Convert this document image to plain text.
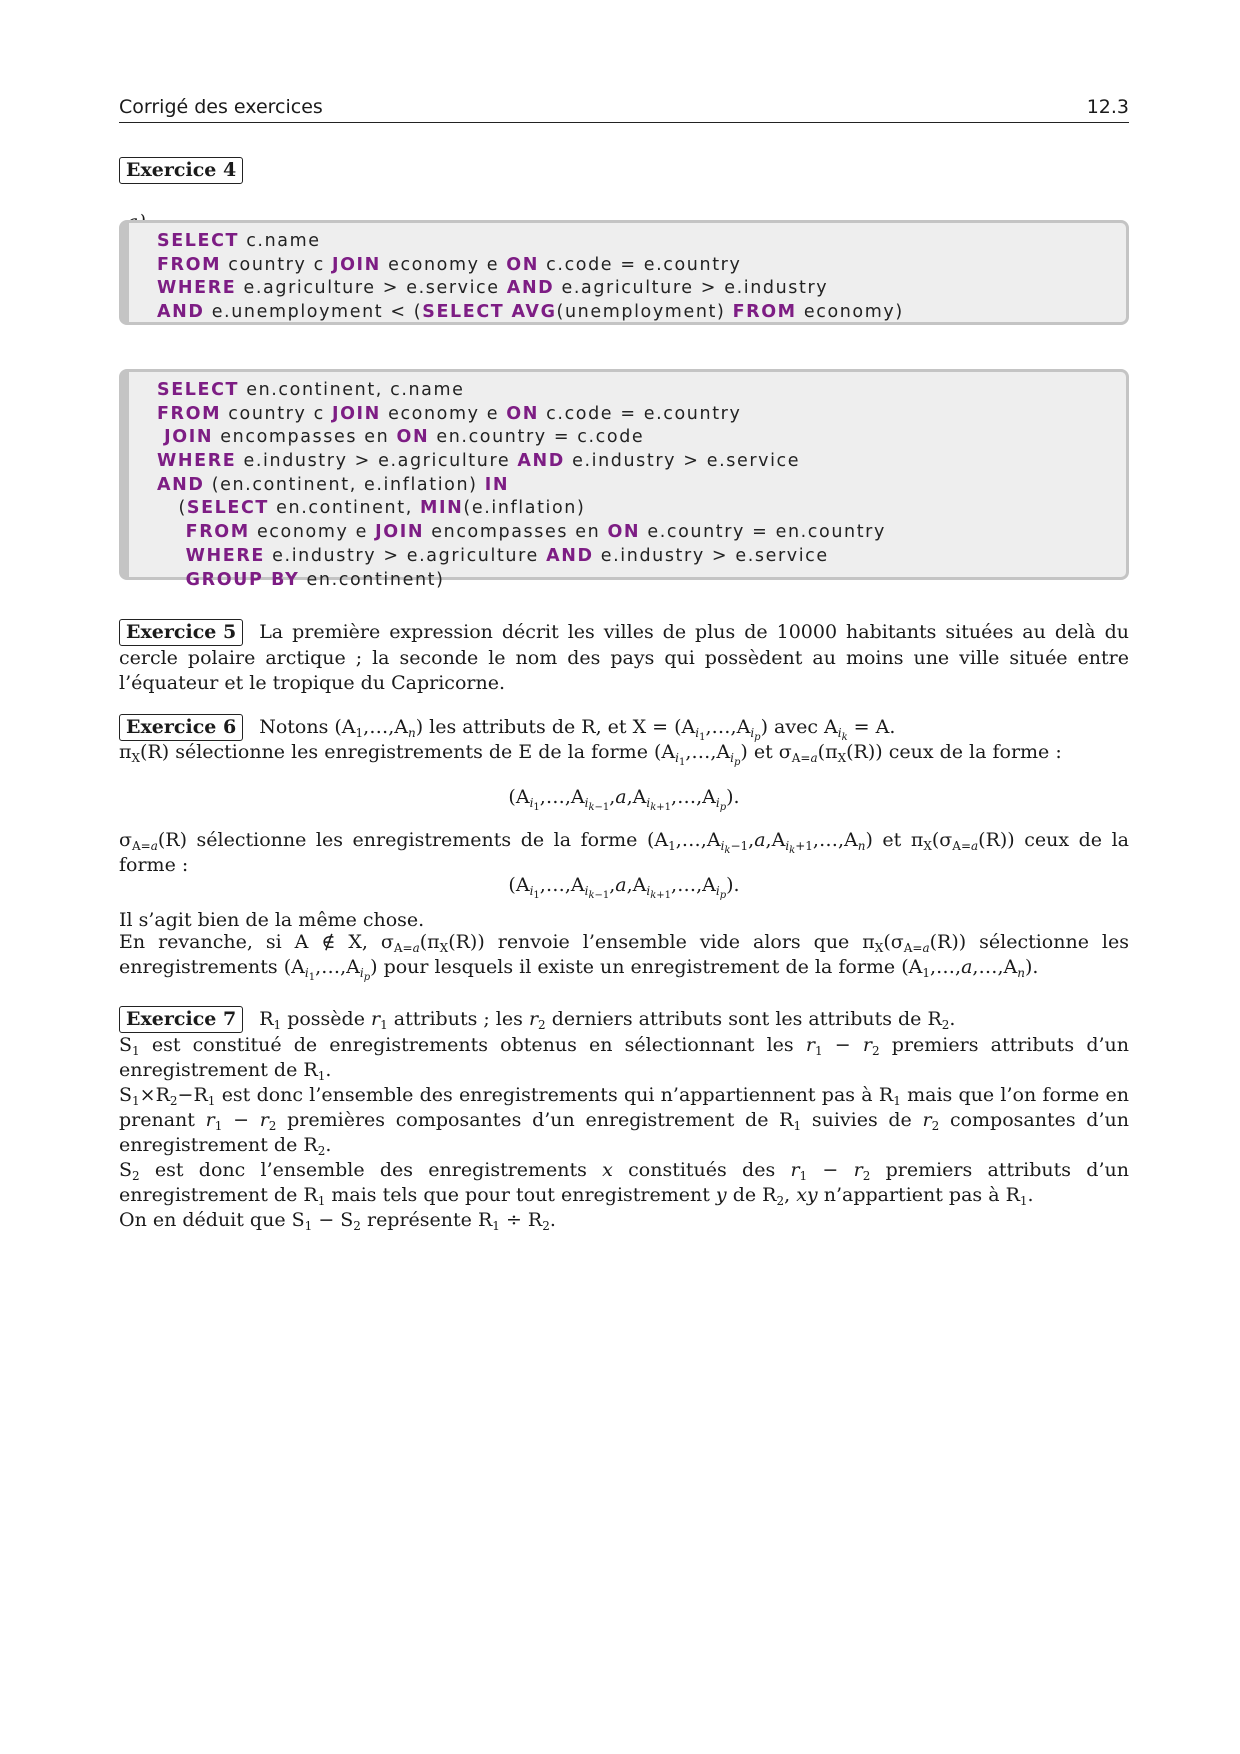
Corrigé des exercices	12.3
Exercice 4
SELECT c.name
FROM country c JOIN economy e ON c.code = e.country
WHERE e.agriculture > e.service AND e.agriculture > e.industry
AND e.unemployment < (SELECT AVG(unemployment) FROM economy)
SELECT en.continent, c.name
FROM country c JOIN economy e ON c.code = e.country
JOIN encompasses en ON en.country = c.code
WHERE e.industry > e.agriculture AND e.industry > e.service
AND (en.continent, e.inflation) IN
(SELECT en.continent, MIN(e.inflation)
FROM economy e JOIN encompasses en ON e.country = en.country
WHERE e.industry > e.agriculture AND e.industry > e.service
GROUP BY en.continent)
Exercice 5 La première expression décrit les villes de plus de 10000 habitants situées au delà du cercle polaire arctique ; la seconde le nom des pays qui possèdent au moins une ville située entre l’équateur et le tropique du Capricorne.
Exercice 6 Notons $(A_1,\dots,A_n)$ les attributs de R, et $X = (A_{i_1},\dots,A_{i_p})$ avec $A_{i_k} = A$.
$\pi_X(R)$ sélectionne les enregistrements de E de la forme $(A_{i_1},\dots,A_{i_p})$ et $\sigma_{A=a}(\pi_X(R))$ ceux de la forme :
$(A_{i_1},\dots,A_{i_{k-1}},a,A_{i_{k+1}},\dots,A_{i_p})$.
$\sigma_{A=a}(R)$ sélectionne les enregistrements de la forme $(A_1,\dots,A_{i_k-1},a,A_{i_k+1},\dots,A_n)$ et $\pi_X(\sigma_{A=a}(R))$ ceux de la forme :
$(A_{i_1},\dots,A_{i_{k-1}},a,A_{i_{k+1}},\dots,A_{i_p})$.
Il s’agit bien de la même chose.
En revanche, si A ∉ X, $\sigma_{A=a}(\pi_X(R))$ renvoie l’ensemble vide alors que $\pi_X(\sigma_{A=a}(R))$ sélectionne les enregistrements $(A_{i_1},\dots,A_{i_p})$ pour lesquels il existe un enregistrement de la forme $(A_1,\dots,a,\dots,A_n)$.
Exercice 7 $R_1$ possède $r_1$ attributs ; les $r_2$ derniers attributs sont les attributs de $R_2$.
$S_1$ est constitué de enregistrements obtenus en sélectionnant les $r_1 - r_2$ premiers attributs d’un enregistrement de $R_1$.
$S_1\times R_2-R_1$ est donc l’ensemble des enregistrements qui n’appartiennent pas à $R_1$ mais que l’on forme en prenant $r_1 - r_2$ premières composantes d’un enregistrement de $R_1$ suivies de $r_2$ composantes d’un enregistrement de $R_2$.
$S_2$ est donc l’ensemble des enregistrements x constitués des $r_1 - r_2$ premiers attributs d’un enregistrement de $R_1$ mais tels que pour tout enregistrement y de $R_2$, xy n’appartient pas à $R_1$.
On en déduit que $S_1 - S_2$ représente $R_1 \div R_2$.
